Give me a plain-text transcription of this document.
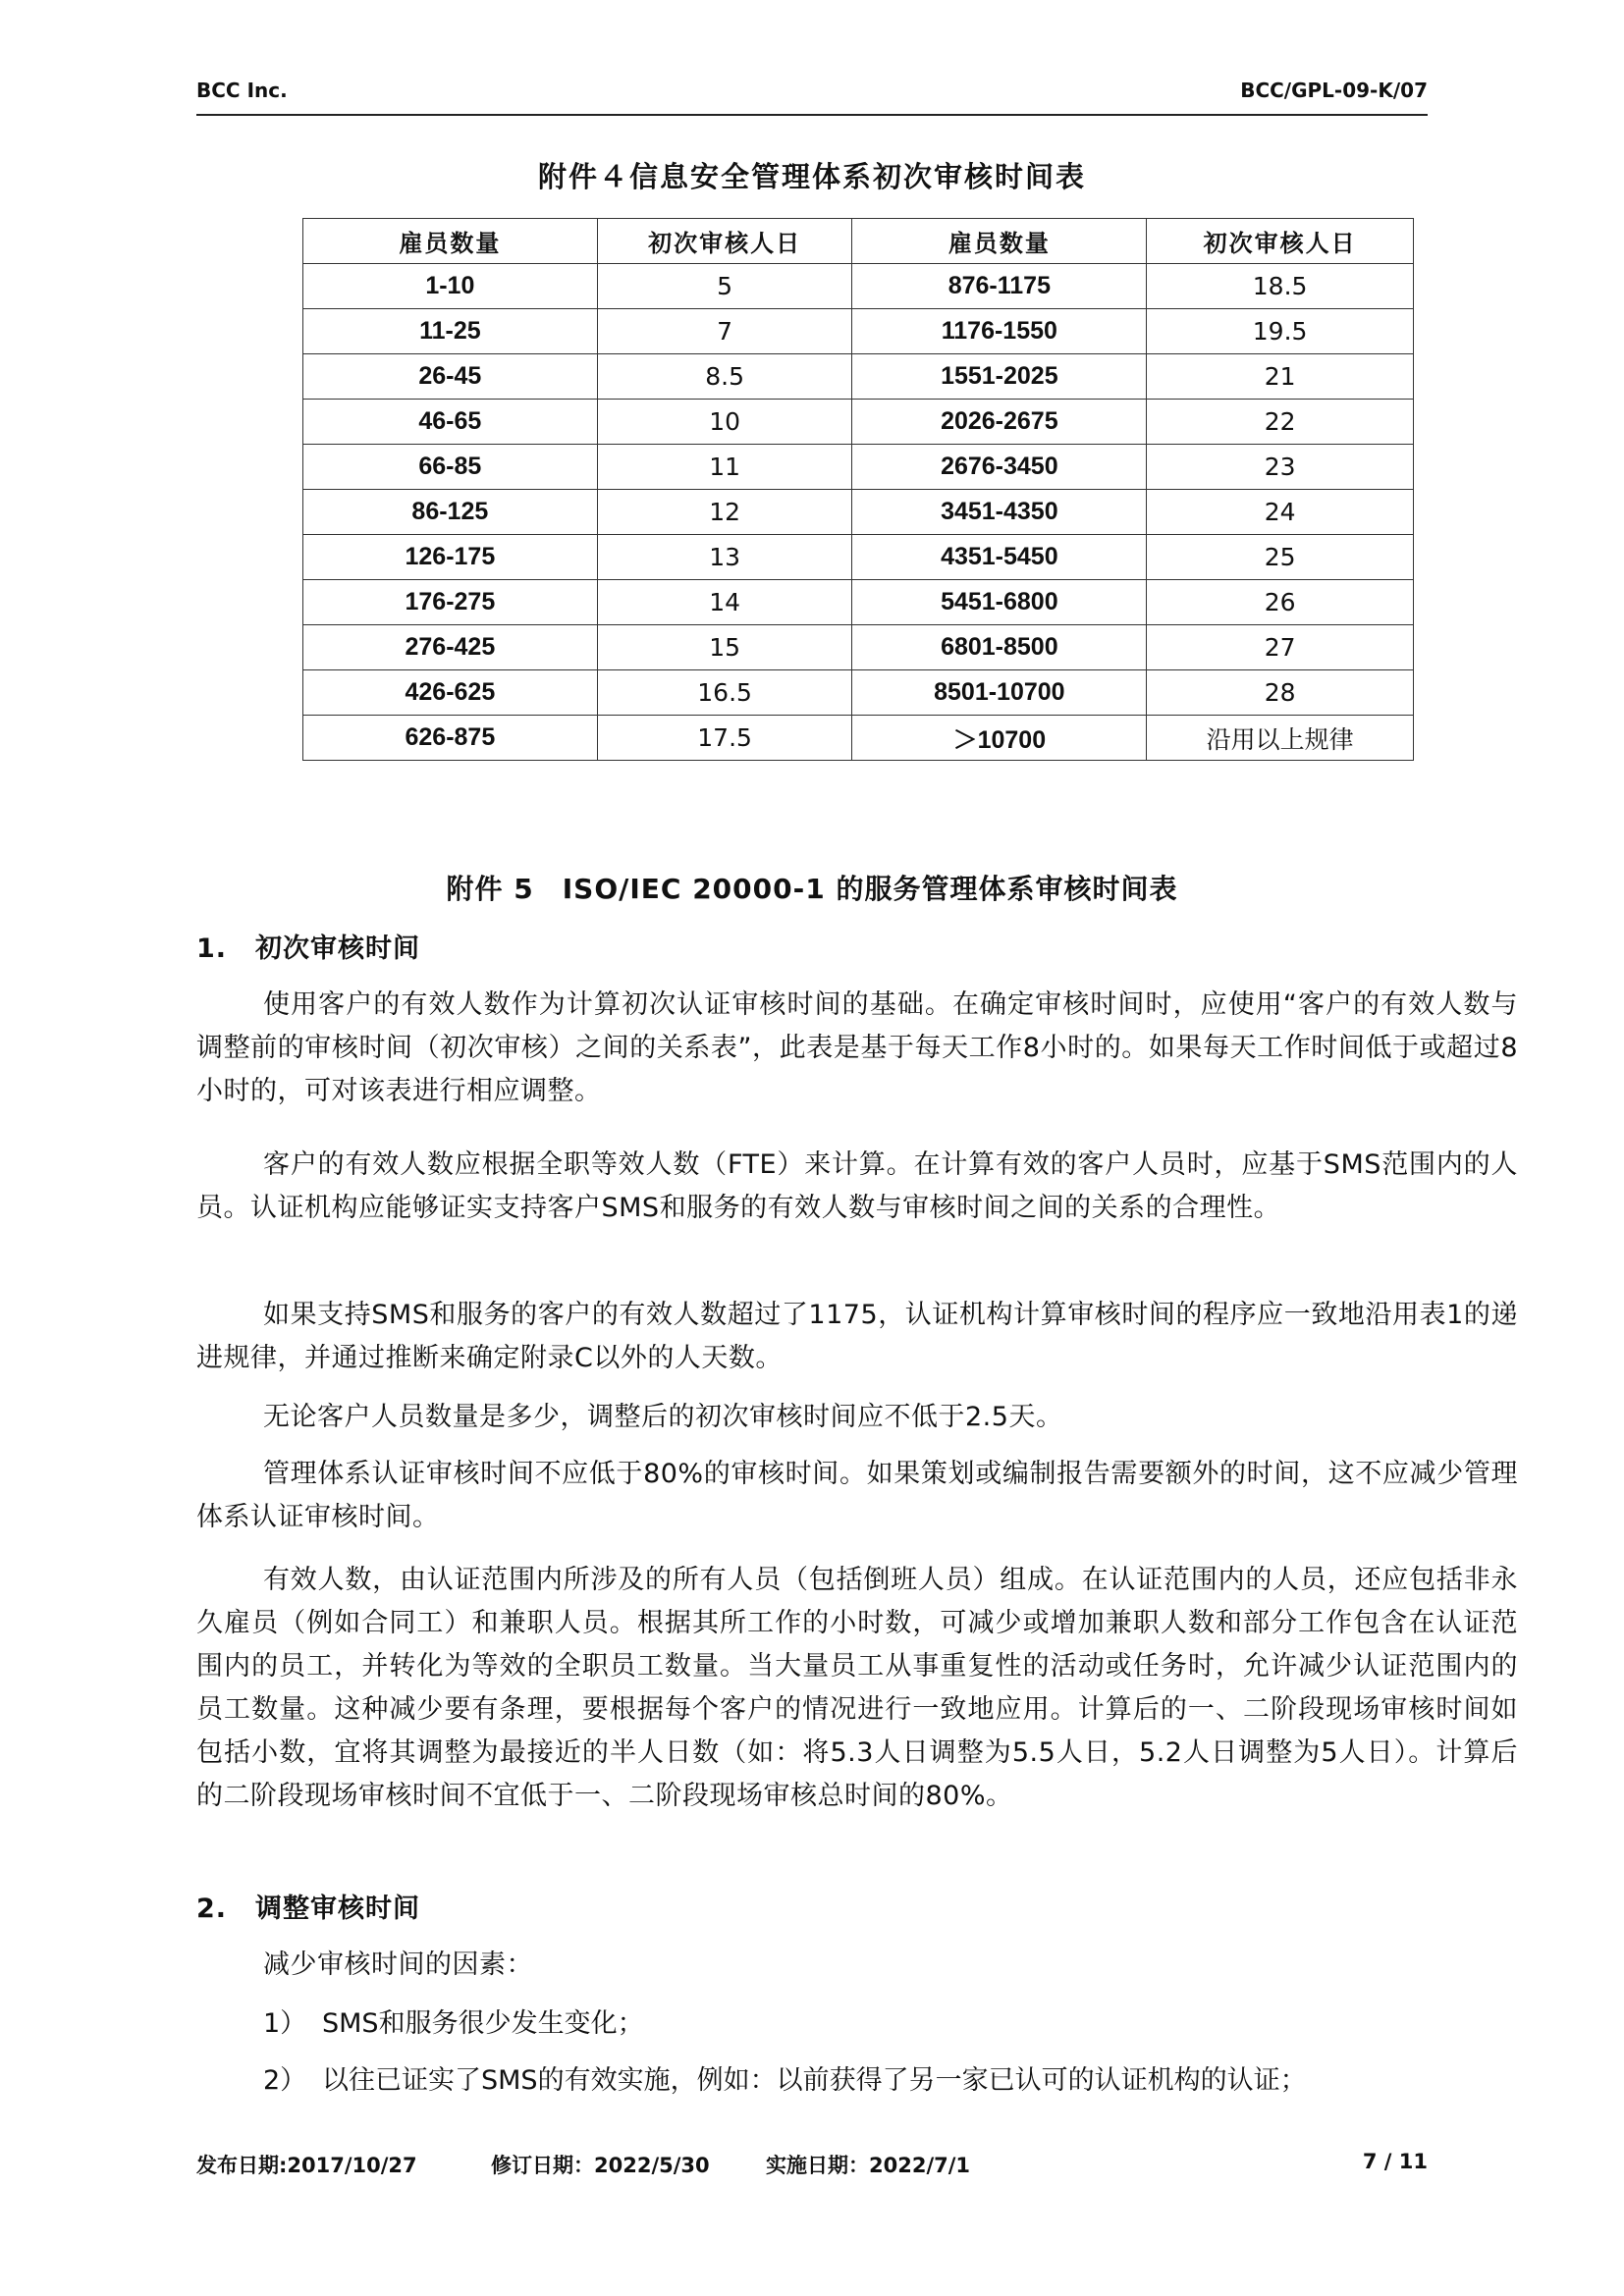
BCC Inc.	BCC/GPL-09-K/07
附件４信息安全管理体系初次审核时间表
雇员数量	初次审核人日	雇员数量	初次审核人日
1-10	5	876-1175	18.5
11-25	7	1176-1550	19.5
26-45	8.5	1551-2025	21
46-65	10	2026-2675	22
66-85	11	2676-3450	23
86-125	12	3451-4350	24
126-175	13	4351-5450	25
176-275	14	5451-6800	26
276-425	15	6801-8500	27
426-625	16.5	8501-10700	28
626-875	17.5	＞10700	沿用以上规律
附件 5　ISO/IEC 20000-1 的服务管理体系审核时间表
1. 初次审核时间
使用客户的有效人数作为计算初次认证审核时间的基础。在确定审核时间时，应使用“客户的有效人数与调整前的审核时间（初次审核）之间的关系表”，此表是基于每天工作8小时的。如果每天工作时间低于或超过8小时的，可对该表进行相应调整。
客户的有效人数应根据全职等效人数（FTE）来计算。在计算有效的客户人员时，应基于SMS范围内的人员。认证机构应能够证实支持客户SMS和服务的有效人数与审核时间之间的关系的合理性。
如果支持SMS和服务的客户的有效人数超过了1175，认证机构计算审核时间的程序应一致地沿用表1的递进规律，并通过推断来确定附录C以外的人天数。
无论客户人员数量是多少，调整后的初次审核时间应不低于2.5天。
管理体系认证审核时间不应低于80%的审核时间。如果策划或编制报告需要额外的时间，这不应减少管理体系认证审核时间。
有效人数，由认证范围内所涉及的所有人员（包括倒班人员）组成。在认证范围内的人员，还应包括非永久雇员（例如合同工）和兼职人员。根据其所工作的小时数，可减少或增加兼职人数和部分工作包含在认证范围内的员工，并转化为等效的全职员工数量。当大量员工从事重复性的活动或任务时，允许减少认证范围内的员工数量。这种减少要有条理，要根据每个客户的情况进行一致地应用。计算后的一、二阶段现场审核时间如包括小数，宜将其调整为最接近的半人日数（如：将5.3人日调整为5.5人日，5.2人日调整为5人日）。计算后的二阶段现场审核时间不宜低于一、二阶段现场审核总时间的80%。
2. 调整审核时间
减少审核时间的因素：
1） SMS和服务很少发生变化；
2） 以往已证实了SMS的有效实施，例如：以前获得了另一家已认可的认证机构的认证；
发布日期:2017/10/27	修订日期：2022/5/30	实施日期：2022/7/1	7 / 11
